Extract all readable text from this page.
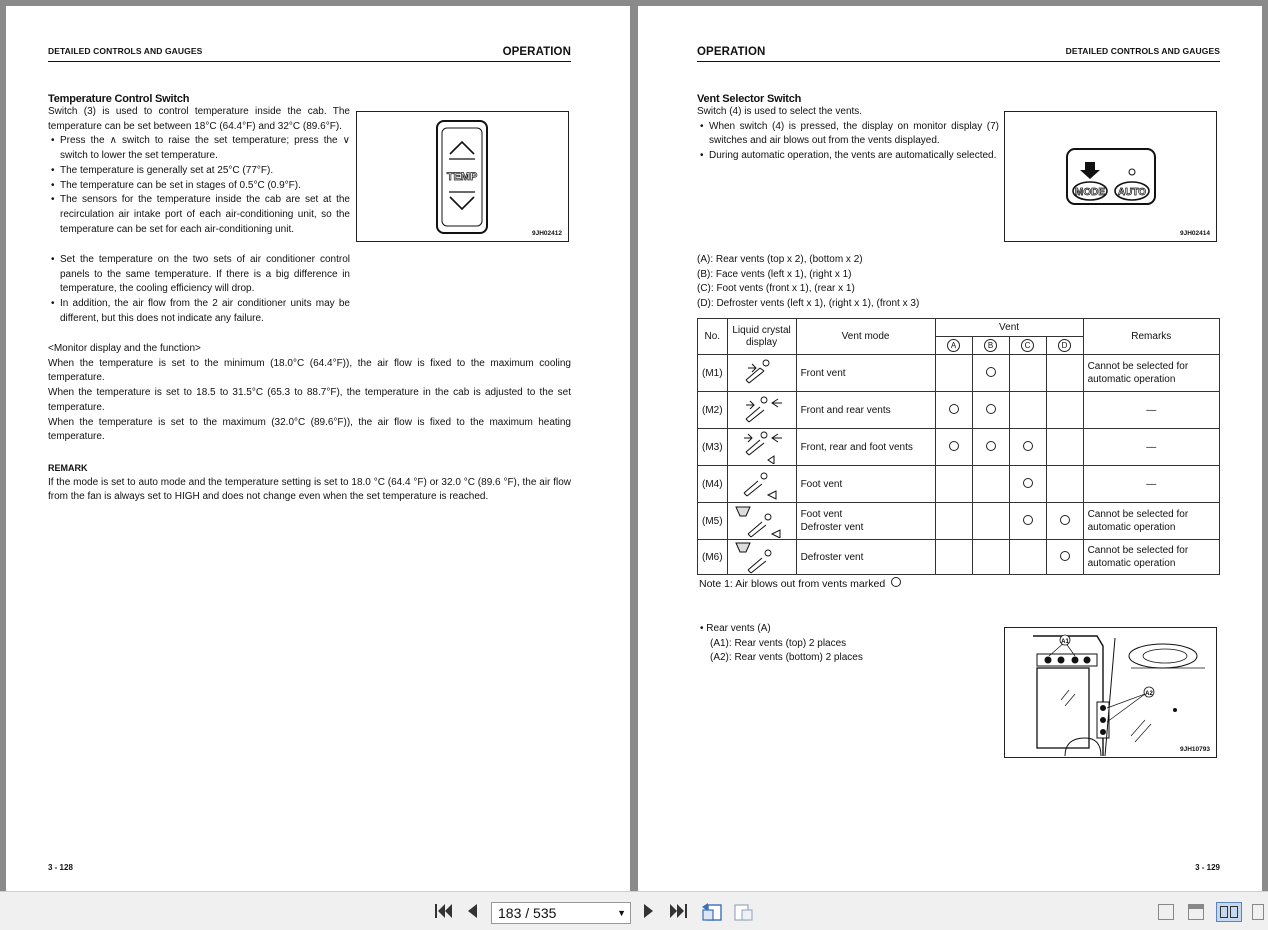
DETAILED CONTROLS AND GAUGES	OPERATION
Temperature Control Switch
Switch (3) is used to control temperature inside the cab. The temperature can be set between 18°C (64.4°F) and 32°C (89.6°F).
• Press the ∧ switch to raise the set temperature; press the ∨ switch to lower the set temperature.
• The temperature is generally set at 25°C (77°F).
• The temperature can be set in stages of 0.5°C (0.9°F).
• The sensors for the temperature inside the cab are set at the recirculation air intake port of each air-conditioning unit, so the temperature can be set for each air-conditioning unit.
• Set the temperature on the two sets of air conditioner control panels to the same temperature. If there is a big difference in temperature, the cooling efficiency will drop.
• In addition, the air flow from the 2 air conditioner units may be different, but this does not indicate any failure.
TEMP
9JH02412
<Monitor display and the function>
When the temperature is set to the minimum (18.0°C (64.4°F)), the air flow is fixed to the maximum cooling temperature.
When the temperature is set to 18.5 to 31.5°C (65.3 to 88.7°F), the temperature in the cab is adjusted to the set temperature.
When the temperature is set to the maximum (32.0°C (89.6°F)), the air flow is fixed to the maximum heating temperature.
REMARK
If the mode is set to auto mode and the temperature setting is set to 18.0 °C (64.4 °F) or 32.0 °C (89.6 °F), the air flow from the fan is always set to HIGH and does not change even when the set temperature is reached.
3 - 128
OPERATION	DETAILED CONTROLS AND GAUGES
Vent Selector Switch
Switch (4) is used to select the vents.
• When switch (4) is pressed, the display on monitor display (7) switches and air blows out from the vents displayed.
• During automatic operation, the vents are automatically selected.
MODE AUTO
9JH02414
(A): Rear vents (top x 2), (bottom x 2)
(B): Face vents (left x 1), (right x 1)
(C): Foot vents (front x 1), (rear x 1)
(D): Defroster vents (left x 1), (right x 1), (front x 3)
No.	Liquid crystal display	Vent mode	Vent				Remarks
			A	B	C	D	
(M1)		Front vent					Cannot be selected for automatic operation
(M2)		Front and rear vents					—
(M3)		Front, rear and foot vents					—
(M4)		Foot vent					—
(M5)		Foot vent
Defroster vent					Cannot be selected for automatic operation
(M6)		Defroster vent					Cannot be selected for automatic operation
Note 1: Air blows out from vents marked
• Rear vents (A)
(A1): Rear vents (top) 2 places
(A2): Rear vents (bottom) 2 places
A1
A2
9JH10793
3 - 129
183 / 535	▼
